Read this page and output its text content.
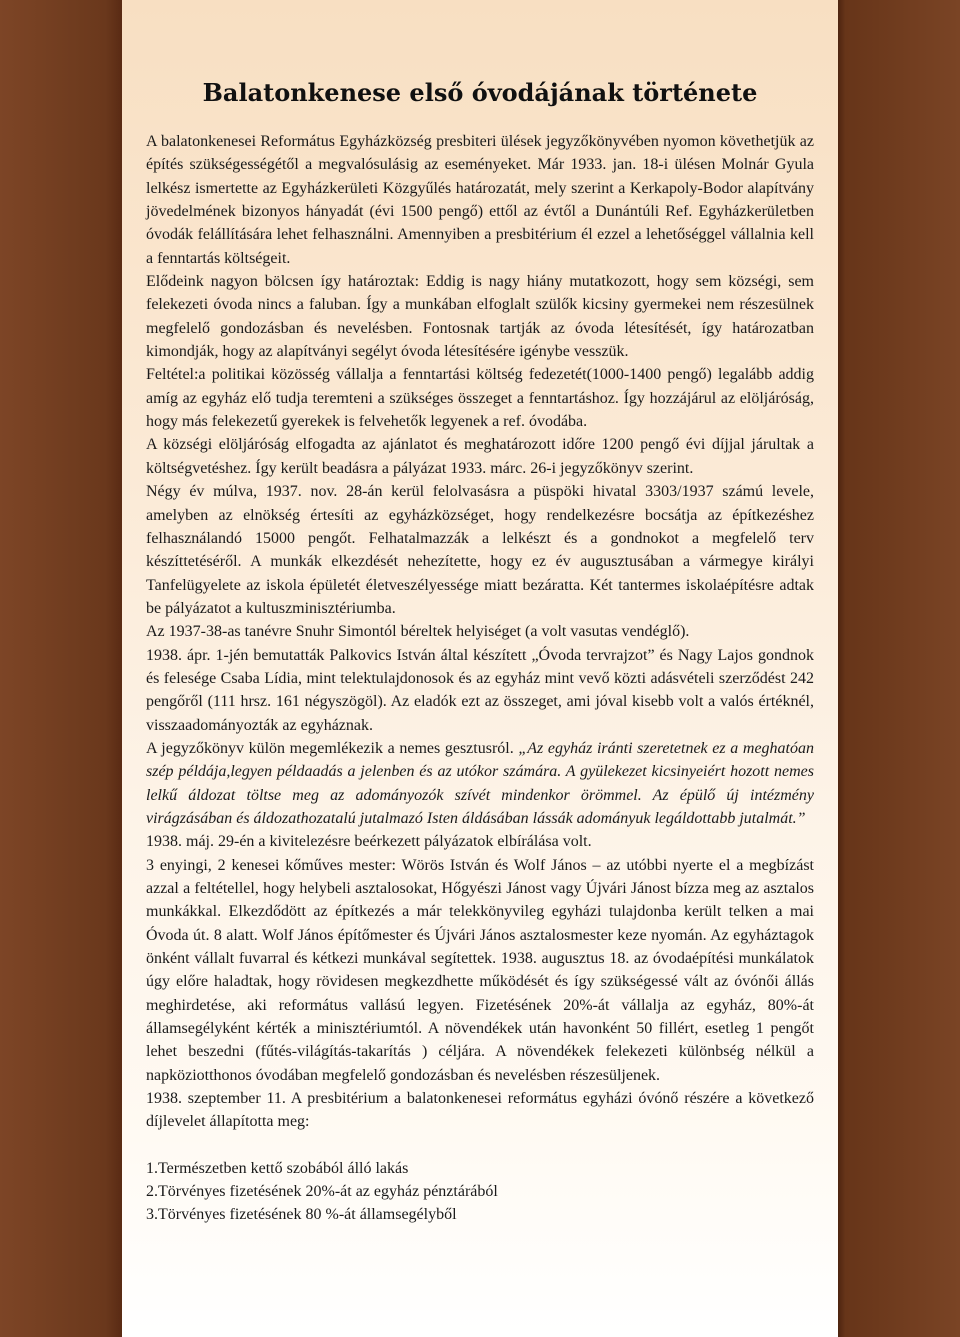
Balatonkenese első óvodájának története

A balatonkenesei Református Egyházközség presbiteri ülések jegyzőkönyvében nyomon követhetjük az építés szükségességétől a megvalósulásig az eseményeket. Már 1933. jan. 18-i ülésen Molnár Gyula lelkész ismertette az Egyházkerületi Közgyűlés határozatát, mely szerint a Kerkapoly-Bodor alapítvány jövedelmének bizonyos hányadát (évi 1500 pengő) ettől az évtől a Dunántúli Ref. Egyházkerületben óvodák felállítására lehet felhasználni. Amennyiben a presbitérium él ezzel a lehetőséggel vállalnia kell a fenntartás költségeit.

Elődeink nagyon bölcsen így határoztak: Eddig is nagy hiány mutatkozott, hogy sem községi, sem felekezeti óvoda nincs a faluban. Így a munkában elfoglalt szülők kicsiny gyermekei nem részesülnek megfelelő gondozásban és nevelésben. Fontosnak tartják az óvoda létesítését, így határozatban kimondják, hogy az alapítványi segélyt óvoda létesítésére igénybe vesszük.

Feltétel:a politikai közösség vállalja a fenntartási költség fedezetét(1000-1400 pengő) legalább addig amíg az egyház elő tudja teremteni a szükséges összeget a fenntartáshoz. Így hozzájárul az elöljáróság, hogy más felekezetű gyerekek is felvehetők legyenek a ref. óvodába.

A községi elöljáróság elfogadta az ajánlatot és meghatározott időre 1200 pengő évi díjjal járultak a költségvetéshez. Így került beadásra a pályázat 1933. márc. 26-i jegyzőkönyv szerint.

Négy év múlva, 1937. nov. 28-án kerül felolvasásra a püspöki hivatal 3303/1937 számú levele, amelyben az elnökség értesíti az egyházközséget, hogy rendelkezésre bocsátja az építkezéshez felhasználandó 15000 pengőt. Felhatalmazzák a lelkészt és a gondnokot a megfelelő terv készíttetéséről. A munkák elkezdését nehezítette, hogy ez év augusztusában a vármegye királyi Tanfelügyelete az iskola épületét életveszélyessége miatt bezáratta. Két tantermes iskolaépítésre adtak be pályázatot a kultuszminisztériumba.

Az 1937-38-as tanévre Snuhr Simontól béreltek helyiséget (a volt vasutas vendéglő).

1938. ápr. 1-jén bemutatták Palkovics István által készített „Óvoda tervrajzot” és Nagy Lajos gondnok és felesége Csaba Lídia, mint telektulajdonosok és az egyház mint vevő közti adásvételi szerződést 242 pengőről (111 hrsz. 161 négyszögöl). Az eladók ezt az összeget, ami jóval kisebb volt a valós értéknél, visszaadományozták az egyháznak.

A jegyzőkönyv külön megemlékezik a nemes gesztusról. „Az egyház iránti szeretetnek ez a meghatóan szép példája,legyen példaadás a jelenben és az utókor számára. A gyülekezet kicsinyeiért hozott nemes lelkű áldozat töltse meg az adományozók szívét mindenkor örömmel. Az épülő új intézmény virágzásában és áldozathozatalú jutalmazó Isten áldásában lássák adományuk legáldottabb jutalmát.”

1938. máj. 29-én a kivitelezésre beérkezett pályázatok elbírálása volt.

3 enyingi, 2 kenesei kőműves mester: Wörös István és Wolf János – az utóbbi nyerte el a megbízást azzal a feltétellel, hogy helybeli asztalosokat, Hőgyészi Jánost vagy Újvári Jánost bízza meg az asztalos munkákkal. Elkezdődött az építkezés a már telekkönyvileg egyházi tulajdonba került telken a mai Óvoda út. 8 alatt. Wolf János építőmester és Újvári János asztalosmester keze nyomán. Az egyháztagok önként vállalt fuvarral és kétkezi munkával segítettek. 1938. augusztus 18. az óvodaépítési munkálatok úgy előre haladtak, hogy rövidesen megkezdhette működését és így szükségessé vált az óvónői állás meghirdetése, aki református vallású legyen. Fizetésének 20%-át vállalja az egyház, 80%-át államsegélyként kérték a minisztériumtól. A növendékek után havonként 50 fillért, esetleg 1 pengőt lehet beszedni (fűtés-világítás-takarítás ) céljára. A növendékek felekezeti különbség nélkül a napköziotthonos óvodában megfelelő gondozásban és nevelésben részesüljenek.

1938. szeptember 11. A presbitérium a balatonkenesei református egyházi óvónő részére a következő díjlevelet állapította meg:

1.Természetben kettő szobából álló lakás

2.Törvényes fizetésének 20%-át az egyház pénztárából

3.Törvényes fizetésének 80 %-át államsegélyből
